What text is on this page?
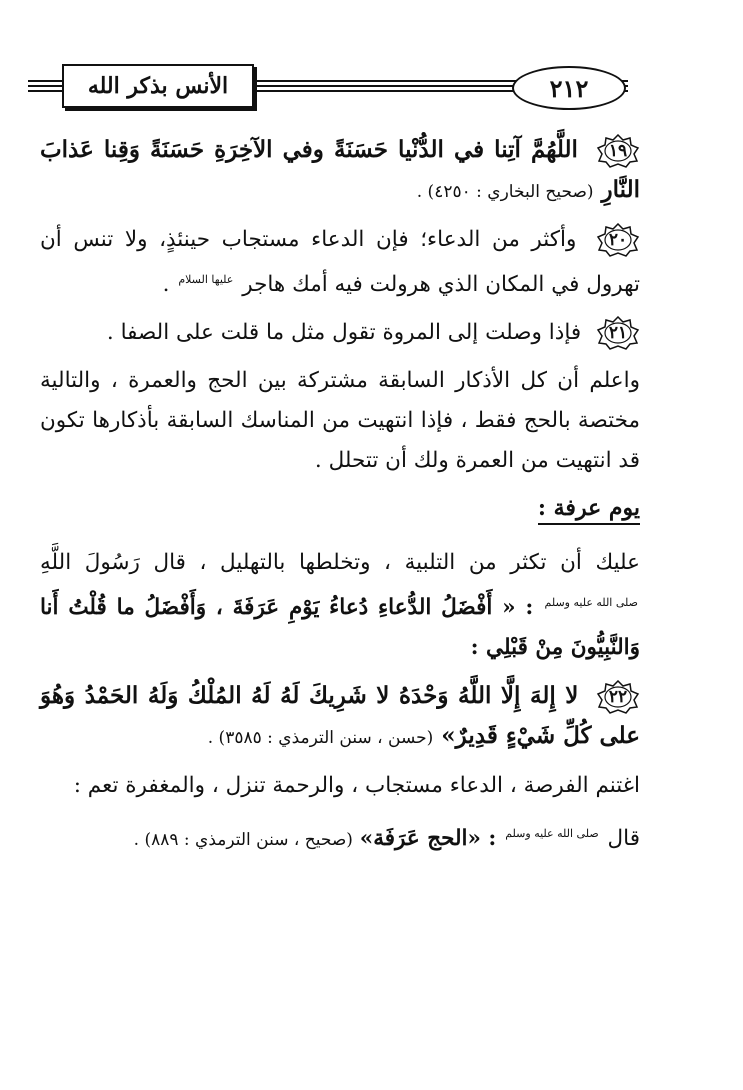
الأنس بذكر الله	٢١٢

١٩
اللَّهُمَّ آتِنا في الدُّنْيا حَسَنَةً وفي الآخِرَةِ حَسَنَةً وَقِنا عَذابَ النَّارِ (صحيح البخاري : ٤٢٥٠) .

٢٠
وأكثر من الدعاء؛ فإن الدعاء مستجاب حينئذٍ، ولا تنس أن تهرول في المكان الذي هرولت فيه أمك هاجر عليها السلام .

٢١
فإذا وصلت إلى المروة تقول مثل ما قلت على الصفا .

واعلم أن كل الأذكار السابقة مشتركة بين الحج والعمرة ، والتالية مختصة بالحج فقط ، فإذا انتهيت من المناسك السابقة بأذكارها تكون قد انتهيت من العمرة ولك أن تتحلل .

يوم عرفة :

عليك أن تكثر من التلبية ، وتخلطها بالتهليل ، قال رَسُولَ اللَّهِ صلى الله عليه وسلم : « أَفْضَلُ الدُّعاءِ دُعاءُ يَوْمِ عَرَفَةَ ، وَأَفْضَلُ ما قُلْتُ أَنا وَالنَّبِيُّونَ مِنْ قَبْلِي :

٢٢
لا إِلهَ إِلَّا اللَّهُ وَحْدَهُ لا شَرِيكَ لَهُ لَهُ المُلْكُ وَلَهُ الحَمْدُ وَهُوَ على كُلِّ شَيْءٍ قَدِيرٌ» (حسن ، سنن الترمذي : ٣٥٨٥) .

اغتنم الفرصة ، الدعاء مستجاب ، والرحمة تنزل ، والمغفرة تعم :

قال صلى الله عليه وسلم : «الحج عَرَفَة» (صحيح ، سنن الترمذي : ٨٨٩) .
